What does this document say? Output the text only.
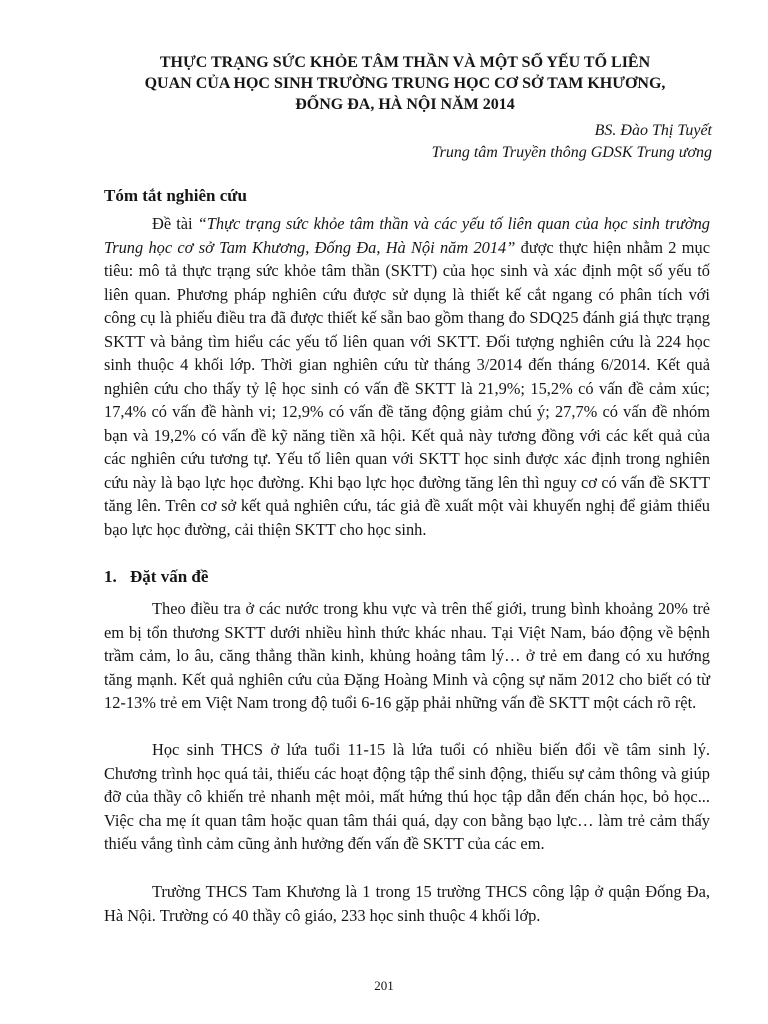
THỰC TRẠNG SỨC KHỎE TÂM THẦN VÀ MỘT SỐ YẾU TỐ LIÊN
QUAN CỦA HỌC SINH TRƯỜNG TRUNG HỌC CƠ SỞ TAM KHƯƠNG,
ĐỐNG ĐA, HÀ NỘI NĂM 2014
BS. Đào Thị Tuyết
Trung tâm Truyền thông GDSK Trung ương
Tóm tắt nghiên cứu

Đề tài “Thực trạng sức khỏe tâm thần và các yếu tố liên quan của học sinh trường Trung học cơ sở Tam Khương, Đống Đa, Hà Nội năm 2014” được thực hiện nhằm 2 mục tiêu: mô tả thực trạng sức khỏe tâm thần (SKTT) của học sinh và xác định một số yếu tố liên quan. Phương pháp nghiên cứu được sử dụng là thiết kế cắt ngang có phân tích với công cụ là phiếu điều tra đã được thiết kế sẵn bao gồm thang đo SDQ25 đánh giá thực trạng SKTT và bảng tìm hiểu các yếu tố liên quan với SKTT. Đối tượng nghiên cứu là 224 học sinh thuộc 4 khối lớp. Thời gian nghiên cứu từ tháng 3/2014 đến tháng 6/2014. Kết quả nghiên cứu cho thấy tỷ lệ học sinh có vấn đề SKTT là 21,9%; 15,2% có vấn đề cảm xúc; 17,4% có vấn đề hành vi; 12,9% có vấn đề tăng động giảm chú ý; 27,7% có vấn đề nhóm bạn và 19,2% có vấn đề kỹ năng tiền xã hội. Kết quả này tương đồng với các kết quả của các nghiên cứu tương tự. Yếu tố liên quan với SKTT học sinh được xác định trong nghiên cứu này là bạo lực học đường. Khi bạo lực học đường tăng lên thì nguy cơ có vấn đề SKTT tăng lên. Trên cơ sở kết quả nghiên cứu, tác giả đề xuất một vài khuyến nghị để giảm thiểu bạo lực học đường, cải thiện SKTT cho học sinh.

1. Đặt vấn đề

Theo điều tra ở các nước trong khu vực và trên thế giới, trung bình khoảng 20% trẻ em bị tổn thương SKTT dưới nhiều hình thức khác nhau. Tại Việt Nam, báo động về bệnh trầm cảm, lo âu, căng thẳng thần kinh, khủng hoảng tâm lý… ở trẻ em đang có xu hướng tăng mạnh. Kết quả nghiên cứu của Đặng Hoàng Minh và cộng sự năm 2012 cho biết có từ 12-13% trẻ em Việt Nam trong độ tuổi 6-16 gặp phải những vấn đề SKTT một cách rõ rệt.

Học sinh THCS ở lứa tuổi 11-15 là lứa tuổi có nhiều biến đổi về tâm sinh lý. Chương trình học quá tải, thiếu các hoạt động tập thể sinh động, thiếu sự cảm thông và giúp đỡ của thầy cô khiến trẻ nhanh mệt mỏi, mất hứng thú học tập dẫn đến chán học, bỏ học... Việc cha mẹ ít quan tâm hoặc quan tâm thái quá, dạy con bằng bạo lực… làm trẻ cảm thấy thiếu vắng tình cảm cũng ảnh hưởng đến vấn đề SKTT của các em.

Trường THCS Tam Khương là 1 trong 15 trường THCS công lập ở quận Đống Đa, Hà Nội. Trường có 40 thầy cô giáo, 233 học sinh thuộc 4 khối lớp.

201
